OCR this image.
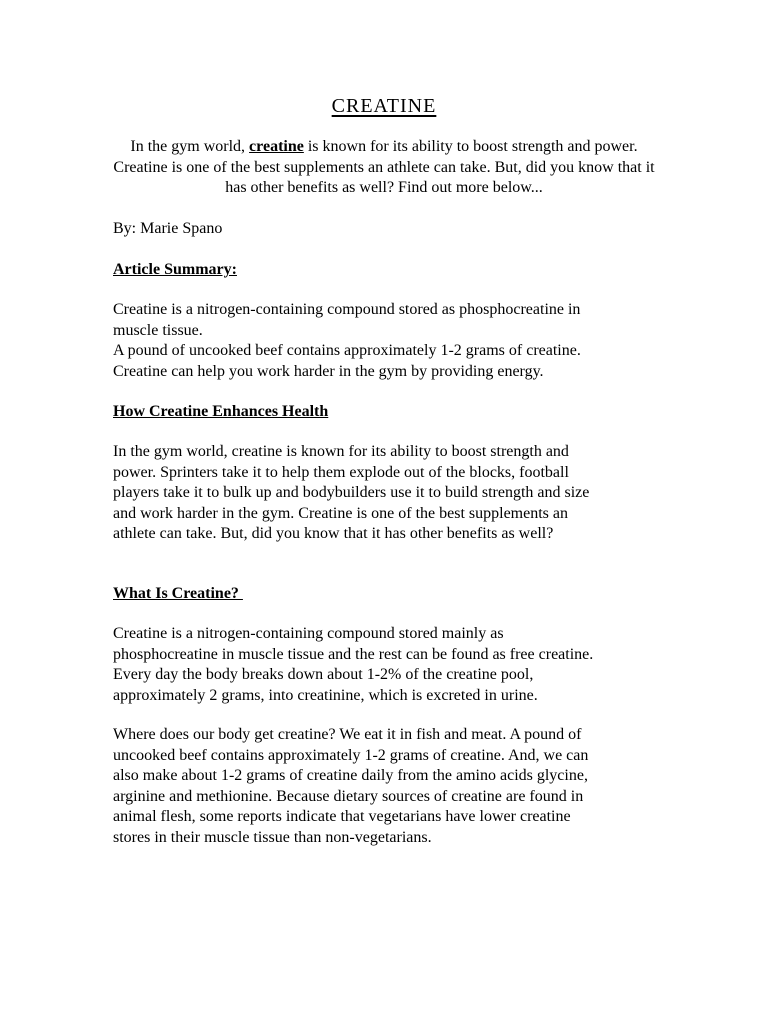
CREATINE

In the gym world, creatine is known for its ability to boost strength and power. Creatine is one of the best supplements an athlete can take. But, did you know that it has other benefits as well? Find out more below...

By: Marie Spano

Article Summary:

Creatine is a nitrogen-containing compound stored as phosphocreatine in
muscle tissue.
A pound of uncooked beef contains approximately 1-2 grams of creatine.
Creatine can help you work harder in the gym by providing energy.

How Creatine Enhances Health

In the gym world, creatine is known for its ability to boost strength and
power. Sprinters take it to help them explode out of the blocks, football
players take it to bulk up and bodybuilders use it to build strength and size
and work harder in the gym. Creatine is one of the best supplements an
athlete can take. But, did you know that it has other benefits as well?

What Is Creatine?

Creatine is a nitrogen-containing compound stored mainly as
phosphocreatine in muscle tissue and the rest can be found as free creatine.
Every day the body breaks down about 1-2% of the creatine pool,
approximately 2 grams, into creatinine, which is excreted in urine.
Where does our body get creatine? We eat it in fish and meat. A pound of
uncooked beef contains approximately 1-2 grams of creatine. And, we can
also make about 1-2 grams of creatine daily from the amino acids glycine,
arginine and methionine. Because dietary sources of creatine are found in
animal flesh, some reports indicate that vegetarians have lower creatine
stores in their muscle tissue than non-vegetarians.
